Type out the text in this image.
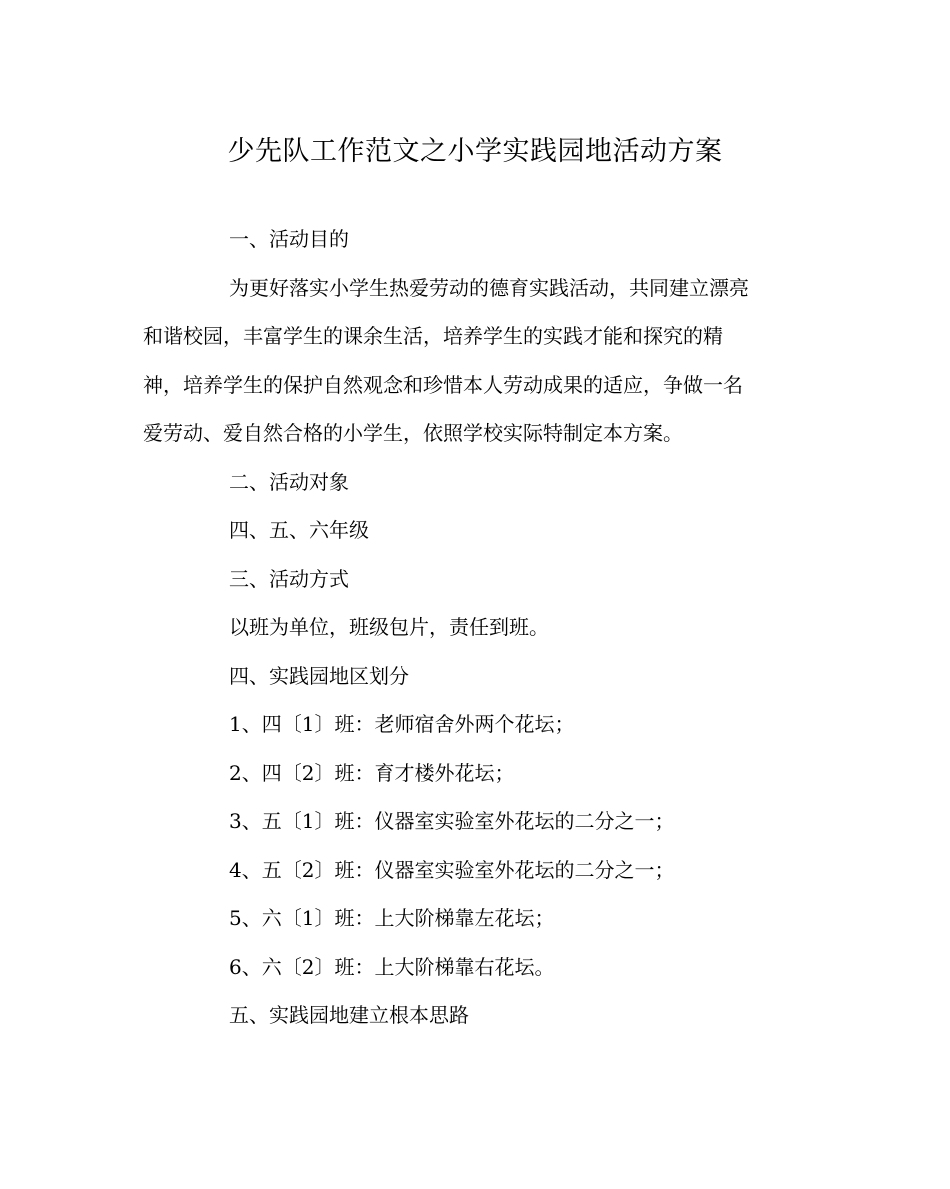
少先队工作范文之小学实践园地活动方案
一、活动目的
为更好落实小学生热爱劳动的德育实践活动，共同建立漂亮
和谐校园，丰富学生的课余生活，培养学生的实践才能和探究的精
神，培养学生的保护自然观念和珍惜本人劳动成果的适应，争做一名
爱劳动、爱自然合格的小学生，依照学校实际特制定本方案。
二、活动对象
四、五、六年级
三、活动方式
以班为单位，班级包片，责任到班。
四、实践园地区划分
1、四〔1〕班：老师宿舍外两个花坛；
2、四〔2〕班：育才楼外花坛；
3、五〔1〕班：仪器室实验室外花坛的二分之一；
4、五〔2〕班：仪器室实验室外花坛的二分之一；
5、六〔1〕班：上大阶梯靠左花坛；
6、六〔2〕班：上大阶梯靠右花坛。
五、实践园地建立根本思路
